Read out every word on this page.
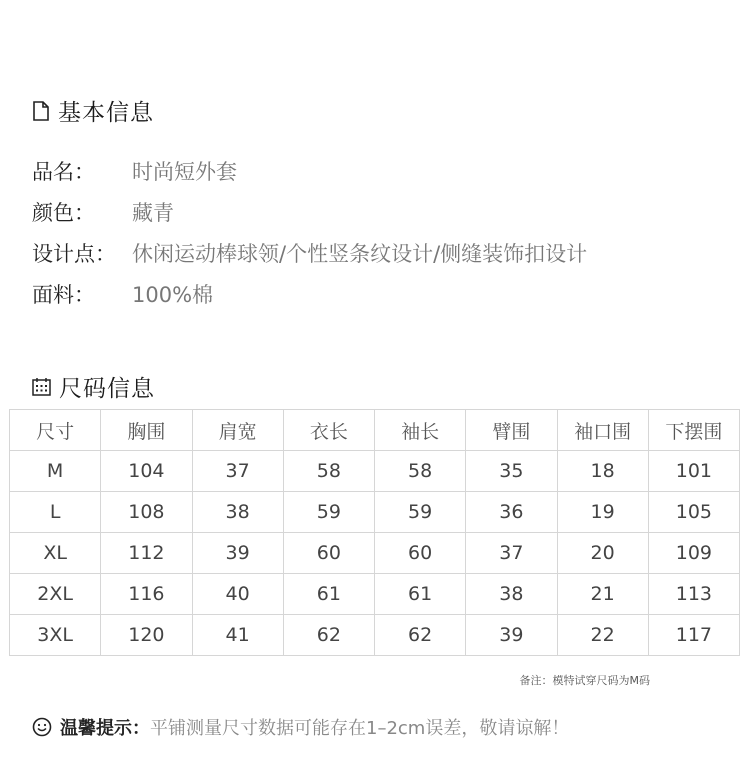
基本信息
品名：	时尚短外套
颜色：	藏青
设计点： 休闲运动棒球领/个性竖条纹设计/侧缝装饰扣设计
面料：	100%棉
尺码信息
尺寸	胸围	肩宽	衣长	袖长	臂围	袖口围	下摆围
M	104	37	58	58	35	18	101
L	108	38	59	59	36	19	105
XL	112	39	60	60	37	20	109
2XL	116	40	61	61	38	21	113
3XL	120	41	62	62	39	22	117
备注：模特试穿尺码为M码
温馨提示： 平铺测量尺寸数据可能存在1–2cm误差，敬请谅解！
